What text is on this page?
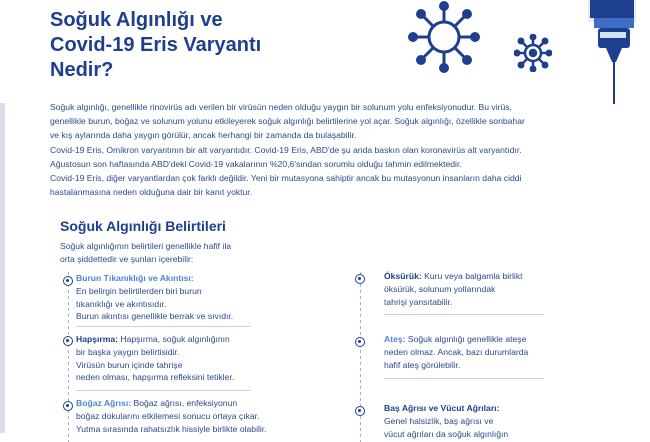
Soğuk Algınlığı ve
Covid-19 Eris Varyantı
Nedir?

Soğuk algınlığı, genellikle rinovirüs adı verilen bir virüsün neden olduğu yaygın bir solunum yolu enfeksiyonudur. Bu virüs,

genellikle burun, boğaz ve solunum yolunu etkileyerek soğuk algınlığı belirtilerine yol açar. Soğuk algınlığı, özellikle sonbahar

ve kış aylarında daha yaygın görülür, ancak herhangi bir zamanda da bulaşabilir.

Covid-19 Eris, Omikron varyantının bir alt varyantıdır. Covid-19 Eris, ABD'de şu anda baskın olan koronavirüs alt varyantıdır.

Ağustosun son haftasında ABD'deki Covid-19 vakalarının %20,6'sından sorumlu olduğu tahmin edilmektedir.

Covid-19 Eris, diğer varyantlardan çok farklı değildir. Yeni bir mutasyona sahiptir ancak bu mutasyonun insanların daha ciddi

hastalanmasına neden olduğuna dair bir kanıt yoktur.

Soğuk Algınlığı Belirtileri
Soğuk algınlığının belirtileri genellikle hafif ila
orta şiddettedir ve şunları içerebilir:
Burun Tıkanıklığı ve Akıntısı:
En belirgin belirtilerden biri burun
tıkanıklığı ve akıntısıdır.
Burun akıntısı genellikle berrak ve sıvıdır.
Hapşırma: Hapşırma, soğuk algınlığının
bir başka yaygın belirtisidir.
Virüsün burun içinde tahrişe
neden olması, hapşırma refleksini tetikler.
Boğaz Ağrısı: Boğaz ağrısı, enfeksiyonun
boğaz dokularını etkilemesi sonucu ortaya çıkar.
Yutma sırasında rahatsızlık hissiyle birlikte olabilir.
Öksürük: Kuru veya balgamla birlikt
öksürük, solunum yollarındak
tahrişi yansıtabilir.
Ateş: Soğuk algınlığı genellikle ateşe
neden olmaz. Ancak, bazı durumlarda
hafif ateş görülebilir.
Baş Ağrısı ve Vücut Ağrıları:
Genel halsizlik, baş ağrısı ve
vücut ağrıları da soğuk algınlığın
